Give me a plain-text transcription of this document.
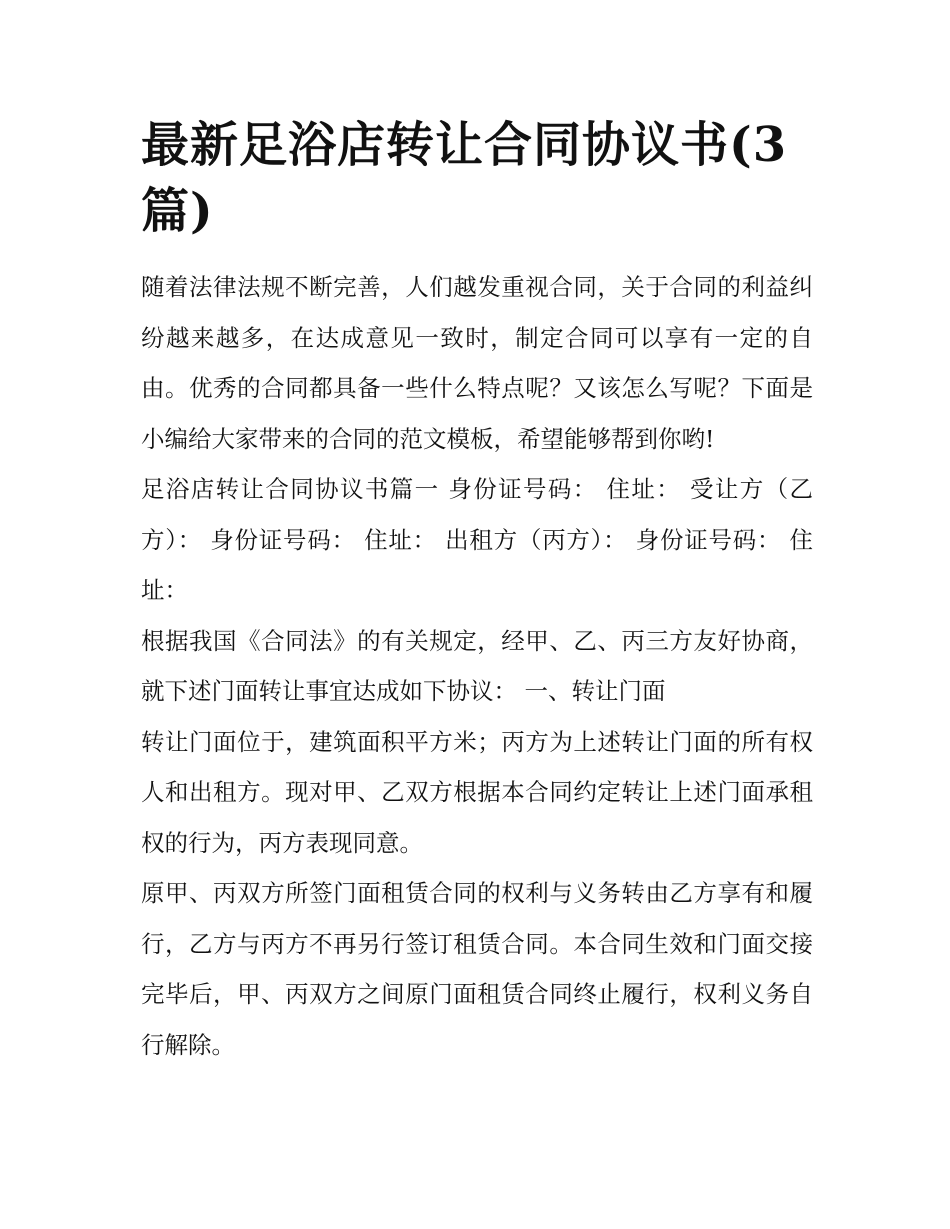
最新足浴店转让合同协议书(3篇)

随着法律法规不断完善，人们越发重视合同，关于合同的利益纠纷越来越多，在达成意见一致时，制定合同可以享有一定的自由。优秀的合同都具备一些什么特点呢？又该怎么写呢？下面是小编给大家带来的合同的范文模板，希望能够帮到你哟!

足浴店转让合同协议书篇一 身份证号码： 住址： 受让方（乙方）： 身份证号码： 住址： 出租方（丙方）： 身份证号码： 住址：

根据我国《合同法》的有关规定，经甲、乙、丙三方友好协商，就下述门面转让事宜达成如下协议： 一、转让门面

转让门面位于，建筑面积平方米；丙方为上述转让门面的所有权人和出租方。现对甲、乙双方根据本合同约定转让上述门面承租权的行为，丙方表现同意。

原甲、丙双方所签门面租赁合同的权利与义务转由乙方享有和履行，乙方与丙方不再另行签订租赁合同。本合同生效和门面交接完毕后，甲、丙双方之间原门面租赁合同终止履行，权利义务自行解除。
